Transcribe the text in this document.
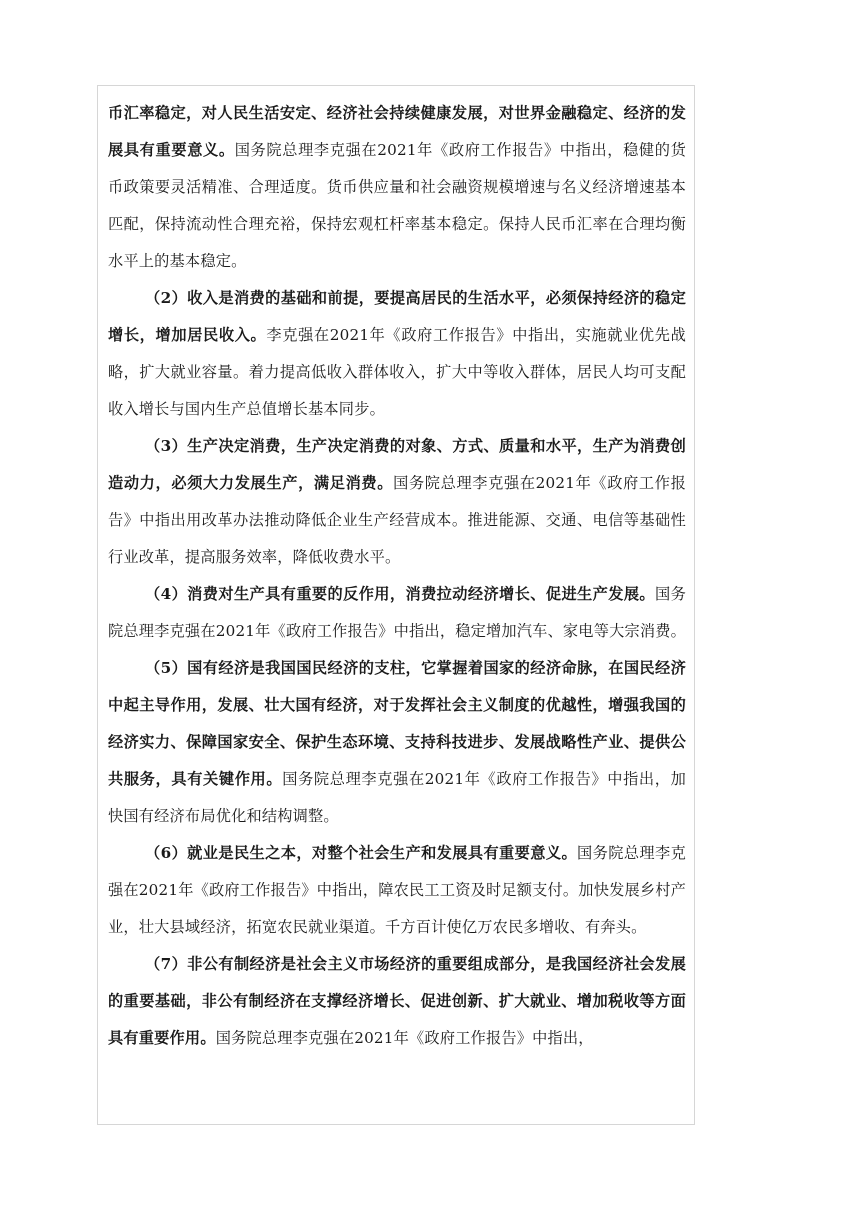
币汇率稳定，对人民生活安定、经济社会持续健康发展，对世界金融稳定、经济的发展具有重要意义。国务院总理李克强在2021年《政府工作报告》中指出，稳健的货币政策要灵活精准、合理适度。货币供应量和社会融资规模增速与名义经济增速基本匹配，保持流动性合理充裕，保持宏观杠杆率基本稳定。保持人民币汇率在合理均衡水平上的基本稳定。

（2）收入是消费的基础和前提，要提高居民的生活水平，必须保持经济的稳定增长，增加居民收入。李克强在2021年《政府工作报告》中指出，实施就业优先战略，扩大就业容量。着力提高低收入群体收入，扩大中等收入群体，居民人均可支配收入增长与国内生产总值增长基本同步。

（3）生产决定消费，生产决定消费的对象、方式、质量和水平，生产为消费创造动力，必须大力发展生产，满足消费。国务院总理李克强在2021年《政府工作报告》中指出用改革办法推动降低企业生产经营成本。推进能源、交通、电信等基础性行业改革，提高服务效率，降低收费水平。

（4）消费对生产具有重要的反作用，消费拉动经济增长、促进生产发展。国务院总理李克强在2021年《政府工作报告》中指出，稳定增加汽车、家电等大宗消费。

（5）国有经济是我国国民经济的支柱，它掌握着国家的经济命脉，在国民经济中起主导作用，发展、壮大国有经济，对于发挥社会主义制度的优越性，增强我国的经济实力、保障国家安全、保护生态环境、支持科技进步、发展战略性产业、提供公共服务，具有关键作用。国务院总理李克强在2021年《政府工作报告》中指出，加快国有经济布局优化和结构调整。

（6）就业是民生之本，对整个社会生产和发展具有重要意义。国务院总理李克强在2021年《政府工作报告》中指出，障农民工工资及时足额支付。加快发展乡村产业，壮大县域经济，拓宽农民就业渠道。千方百计使亿万农民多增收、有奔头。

（7）非公有制经济是社会主义市场经济的重要组成部分，是我国经济社会发展的重要基础，非公有制经济在支撑经济增长、促进创新、扩大就业、增加税收等方面具有重要作用。国务院总理李克强在2021年《政府工作报告》中指出，
